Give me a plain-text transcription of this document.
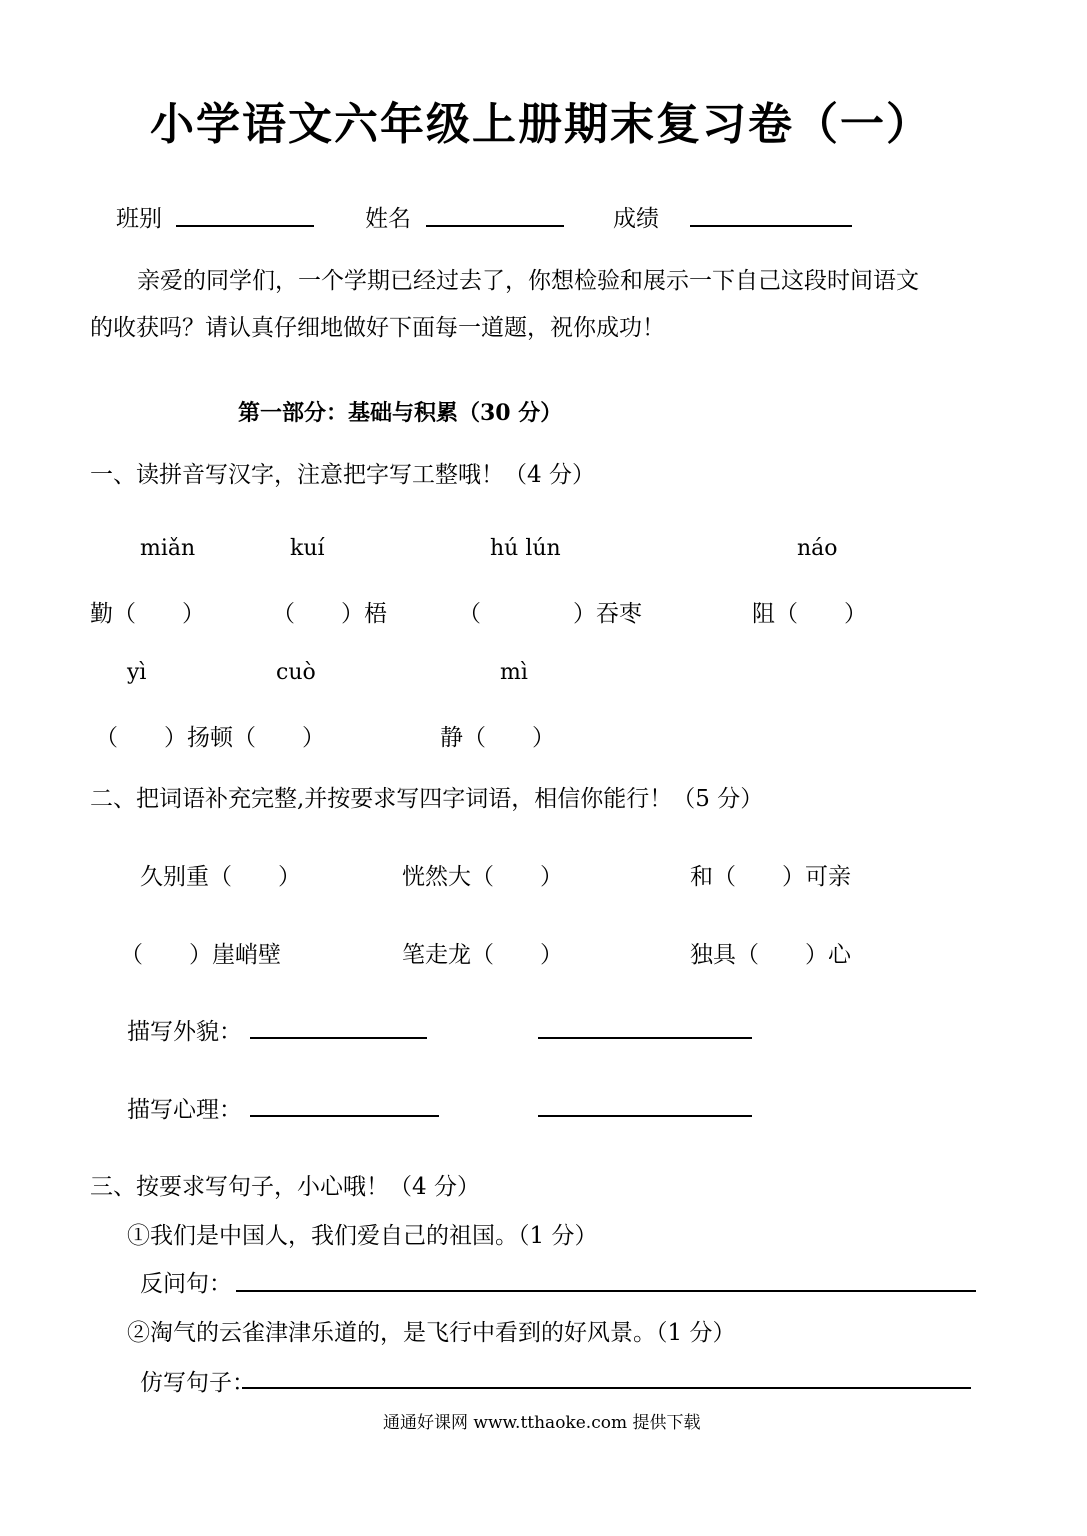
小学语文六年级上册期末复习卷（一）
班别	姓名	成绩
亲爱的同学们，一个学期已经过去了，你想检验和展示一下自己这段时间语文
的收获吗？请认真仔细地做好下面每一道题，祝你成功！
第一部分：基础与积累（30 分）
一、读拼音写汉字，注意把字写工整哦！（4 分）
miǎn	kuí	hú lún	náo
勤（　　）	（　　）梧	（　　　　）吞枣	阻（　　）
yì	cuò	mì
（　　）扬顿（　　）	静（　　）
二、把词语补充完整,并按要求写四字词语，相信你能行！（5 分）
久别重（　　）	恍然大（　　）	和（　　）可亲
（　　）崖峭壁	笔走龙（　　）	独具（　　）心
描写外貌：
描写心理：
三、按要求写句子，小心哦！（4 分）
①我们是中国人，我们爱自己的祖国。（1 分）
反问句：
②淘气的云雀津津乐道的，是飞行中看到的好风景。（1 分）
仿写句子：
通通好课网 www.tthaoke.com 提供下载
